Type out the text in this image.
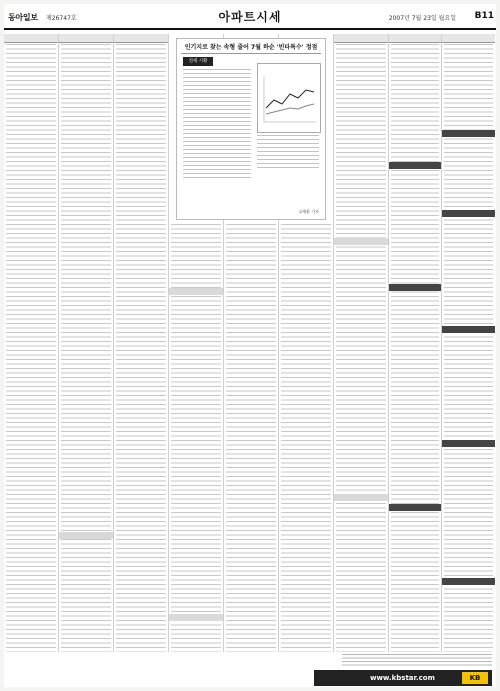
동아일보 제26747호	아파트시세	2007년 7월 23일 월요일 B11
인기지로 찾는 속형 줄어 7월 하순 '빈타특수' 정점
전세 시황
고재윤 기자
www.kbstar.com	KB
